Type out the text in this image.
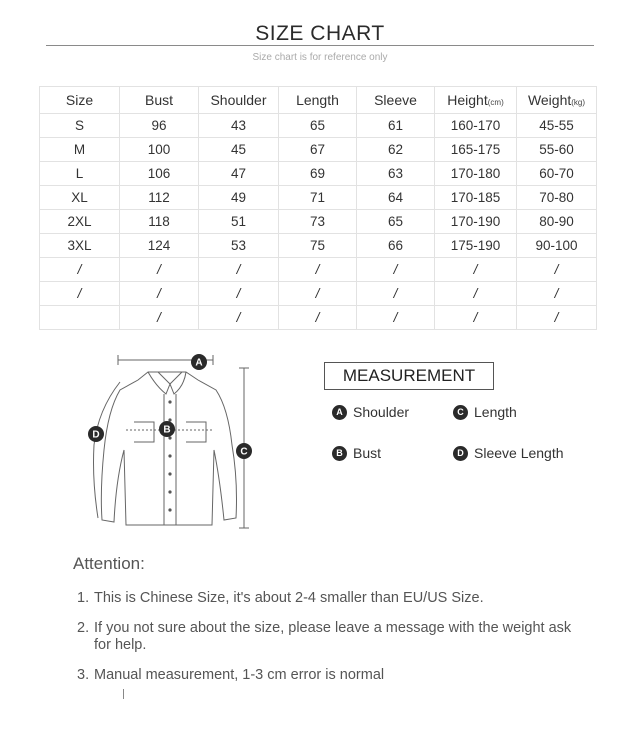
SIZE CHART
Size chart is for reference only
Size	Bust	Shoulder	Length	Sleeve	Height(cm)	Weight(kg)
S	96	43	65	61	160-170	45-55
M	100	45	67	62	165-175	55-60
L	106	47	69	63	170-180	60-70
XL	112	49	71	64	170-185	70-80
2XL	118	51	73	65	170-190	80-90
3XL	124	53	75	66	175-190	90-100
/	/	/	/	/	/	/
/	/	/	/	/	/	/
	/	/	/	/	/	/
A
B
C
D
MEASUREMENT
A Shoulder	C Length
B Bust	D Sleeve Length
Attention:
1. This is Chinese Size, it's about 2-4 smaller than EU/US Size.
2. If you not sure about the size, please leave a message with the weight ask for help.
3. Manual measurement, 1-3 cm error is normal
